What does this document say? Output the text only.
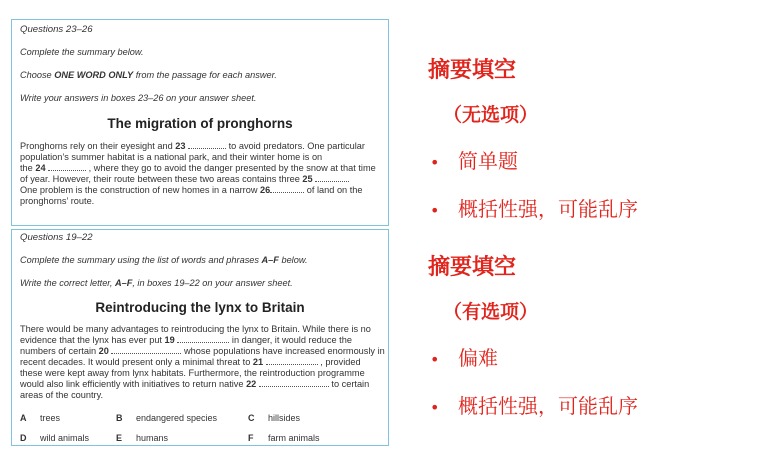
Questions 23–26
Complete the summary below.
Choose ONE WORD ONLY from the passage for each answer.
Write your answers in boxes 23–26 on your answer sheet.
The migration of pronghorns

Pronghorns rely on their eyesight and 23	to avoid predators. One particular

population’s summer habitat is a national park, and their winter home is on

the 24	, where they go to avoid the danger presented by the snow at that time

of year. However, their route between these two areas contains three 25

One problem is the construction of new homes in a narrow 26	of land on the

pronghorns’ route.

Questions 19–22
Complete the summary using the list of words and phrases A–F below.
Write the correct letter, A–F, in boxes 19–22 on your answer sheet.
Reintroducing the lynx to Britain

There would be many advantages to reintroducing the lynx to Britain. While there is no

evidence that the lynx has ever put 19	in danger, it would reduce the

numbers of certain 20	whose populations have increased enormously in

recent decades. It would present only a minimal threat to 21	, provided

these were kept away from lynx habitats. Furthermore, the reintroduction programme

would also link efficiently with initiatives to return native 22	to certain

areas of the country.

A trees	B endangered species	C hillsides
D wild animals	E humans	F farm animals
摘要填空
（无选项）
• 简单题
• 概括性强，可能乱序
摘要填空
（有选项）
• 偏难
• 概括性强，可能乱序
